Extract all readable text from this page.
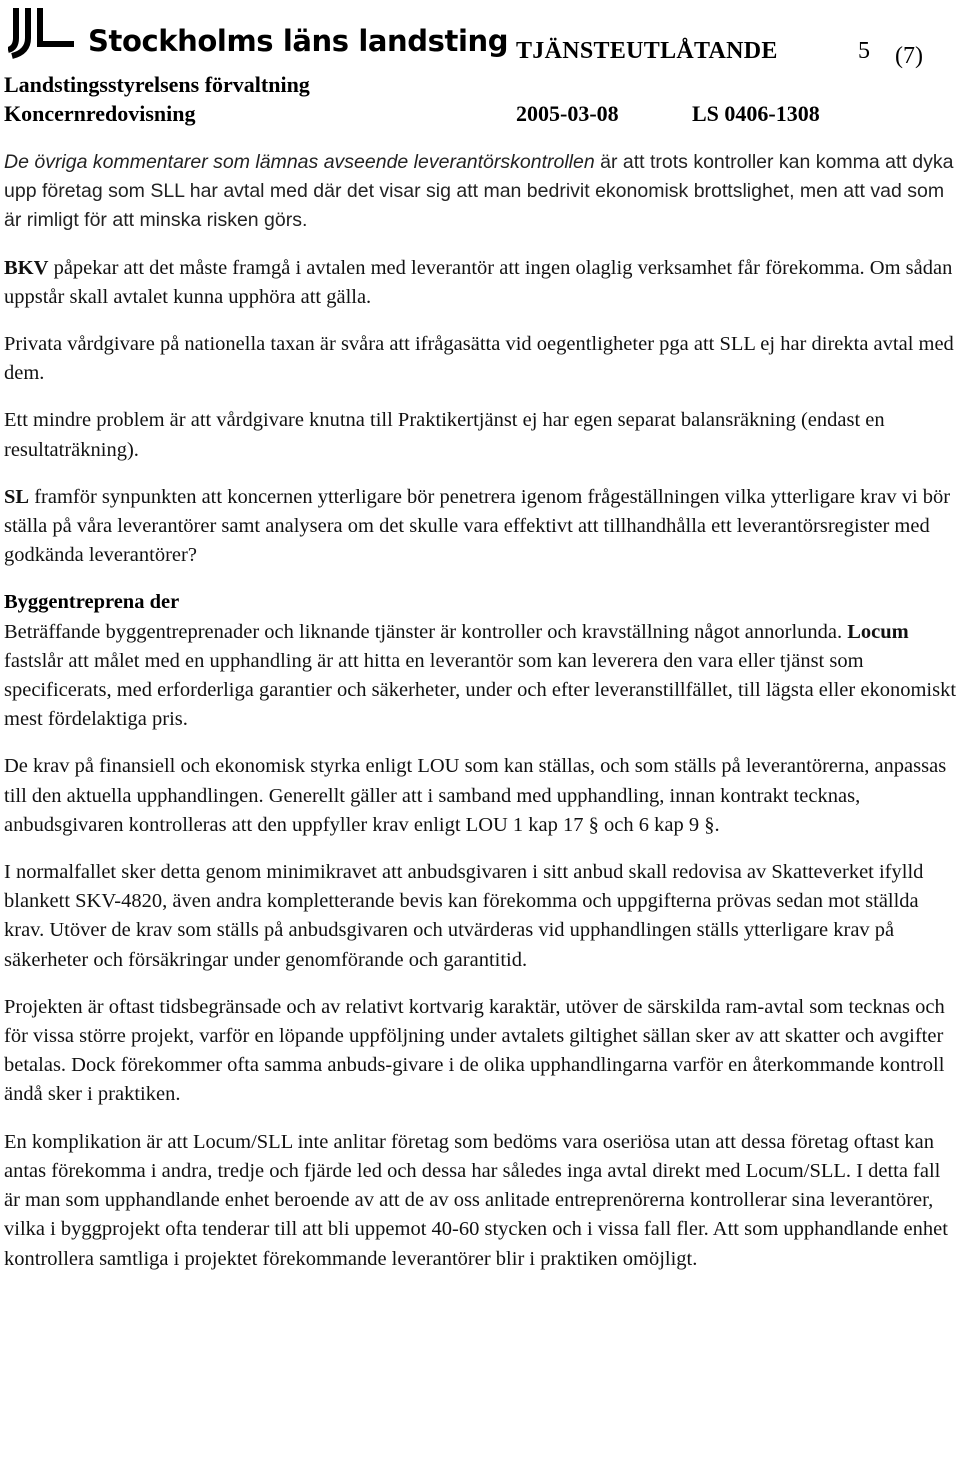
Stockholms läns landsting TJÄNSTEUTLÅTANDE	5 (7)
Landstingsstyrelsens förvaltning
Koncernredovisning	2005-03-08	LS 0406-1308

De övriga kommentarer som lämnas avseende leverantörskontrollen är att trots kontroller kan komma att dyka upp företag som SLL har avtal med där det visar sig att man bedrivit ekonomisk brottslighet, men att vad som är rimligt för att minska risken görs.

BKV påpekar att det måste framgå i avtalen med leverantör att ingen olaglig verksamhet får förekomma. Om sådan uppstår skall avtalet kunna upphöra att gälla.

Privata vårdgivare på nationella taxan är svåra att ifrågasätta vid oegentligheter pga att SLL ej har direkta avtal med dem.

Ett mindre problem är att vårdgivare knutna till Praktikertjänst ej har egen separat balansräkning (endast en resultaträkning).

SL framför synpunkten att koncernen ytterligare bör penetrera igenom frågeställningen vilka ytterligare krav vi bör ställa på våra leverantörer samt analysera om det skulle vara effektivt att tillhandhålla ett leverantörsregister med godkända leverantörer?

Byggentreprena der

Beträffande byggentreprenader och liknande tjänster är kontroller och kravställning något annorlunda. Locum fastslår att målet med en upphandling är att hitta en leverantör som kan leverera den vara eller tjänst som specificerats, med erforderliga garantier och säkerheter, under och efter leveranstillfället, till lägsta eller ekonomiskt mest fördelaktiga pris.

De krav på finansiell och ekonomisk styrka enligt LOU som kan ställas, och som ställs på leverantörerna, anpassas till den aktuella upphandlingen. Generellt gäller att i samband med upphandling, innan kontrakt tecknas, anbudsgivaren kontrolleras att den uppfyller krav enligt LOU 1 kap 17 § och 6 kap 9 §.

I normalfallet sker detta genom minimikravet att anbudsgivaren i sitt anbud skall redovisa av Skatteverket ifylld blankett SKV-4820, även andra kompletterande bevis kan förekomma och uppgifterna prövas sedan mot ställda krav. Utöver de krav som ställs på anbudsgivaren och utvärderas vid upphandlingen ställs ytterligare krav på säkerheter och försäkringar under genomförande och garantitid.

Projekten är oftast tidsbegränsade och av relativt kortvarig karaktär, utöver de särskilda ram-avtal som tecknas och för vissa större projekt, varför en löpande uppföljning under avtalets giltighet sällan sker av att skatter och avgifter betalas. Dock förekommer ofta samma anbuds-givare i de olika upphandlingarna varför en återkommande kontroll ändå sker i praktiken.

En komplikation är att Locum/SLL inte anlitar företag som bedöms vara oseriösa utan att dessa företag oftast kan antas förekomma i andra, tredje och fjärde led och dessa har således inga avtal direkt med Locum/SLL. I detta fall är man som upphandlande enhet beroende av att de av oss anlitade entreprenörerna kontrollerar sina leverantörer, vilka i byggprojekt ofta tenderar till att bli uppemot 40-60 stycken och i vissa fall fler. Att som upphandlande enhet kontrollera samtliga i projektet förekommande leverantörer blir i praktiken omöjligt.
